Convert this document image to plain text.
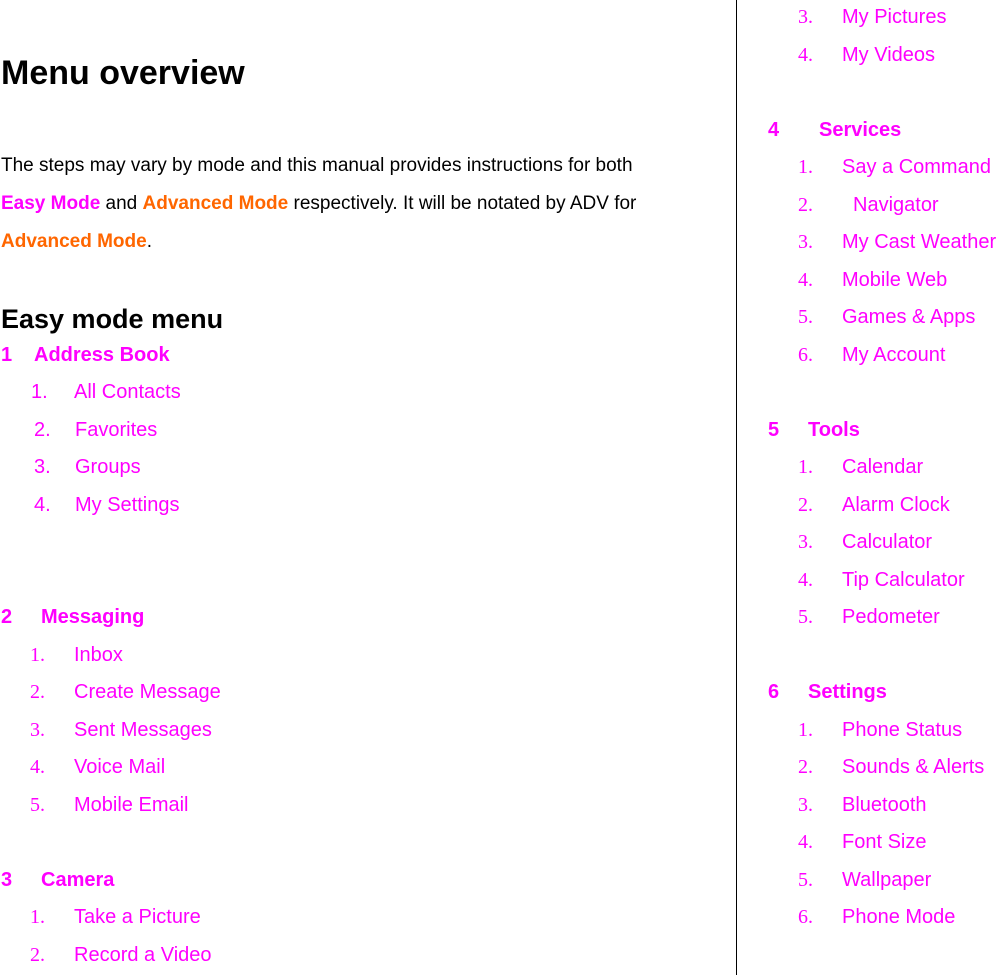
Menu overview
The steps may vary by mode and this manual provides instructions for both
Easy Mode and Advanced Mode respectively. It will be notated by ADV for
Advanced Mode.
Easy mode menu
1 Address Book
1. All Contacts
2. Favorites
3. Groups
4. My Settings
2 Messaging
1. Inbox
2. Create Message
3. Sent Messages
4. Voice Mail
5. Mobile Email
3 Camera
1. Take a Picture
2. Record a Video
3. My Pictures
4. My Videos
4 Services
1. Say a Command
2. Navigator
3. My Cast Weather
4. Mobile Web
5. Games & Apps
6. My Account
5 Tools
1. Calendar
2. Alarm Clock
3. Calculator
4. Tip Calculator
5. Pedometer
6 Settings
1. Phone Status
2. Sounds & Alerts
3. Bluetooth
4. Font Size
5. Wallpaper
6. Phone Mode
